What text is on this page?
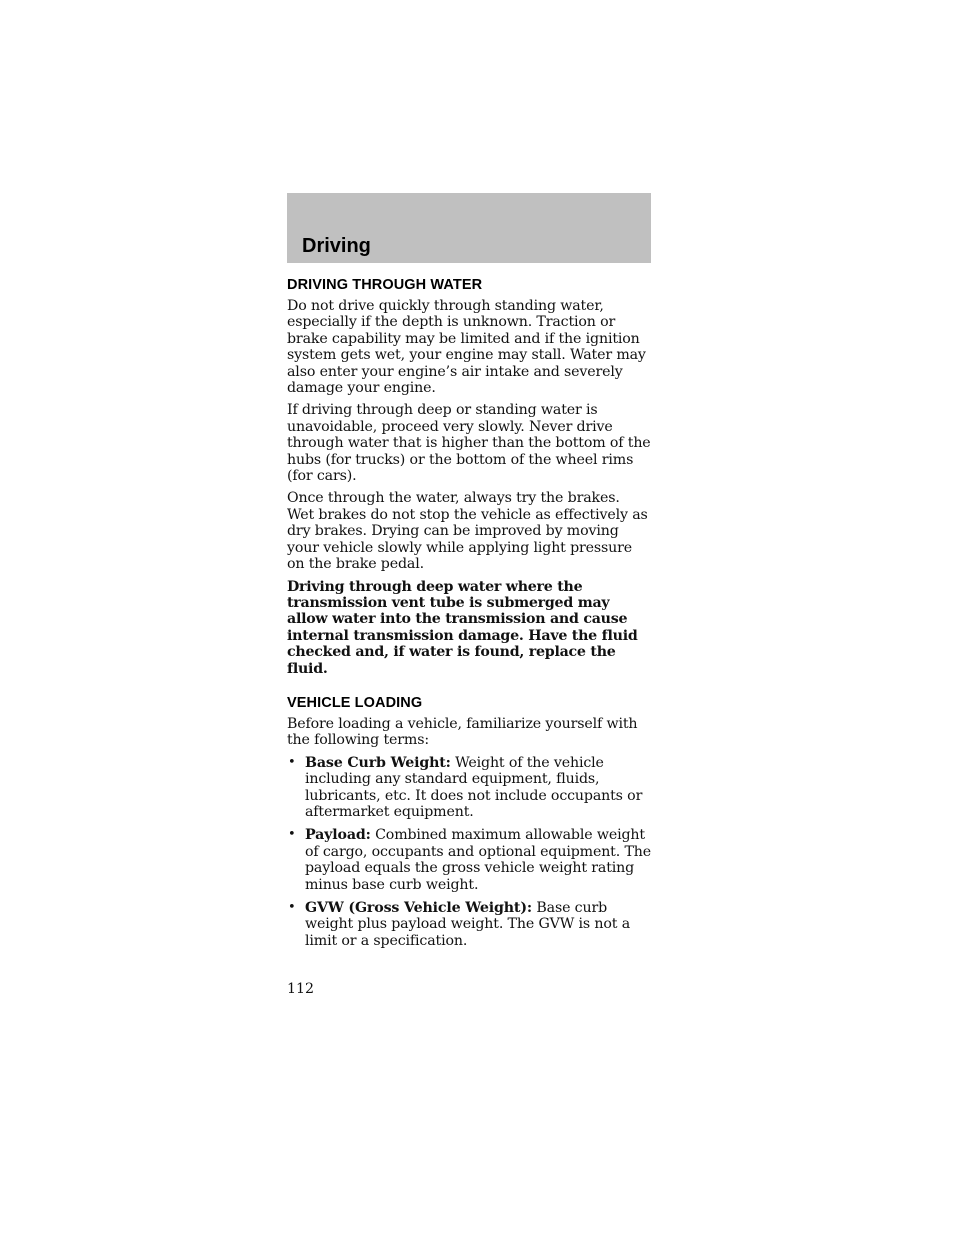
Driving
DRIVING THROUGH WATER

Do not drive quickly through standing water, especially if the depth is unknown. Traction or brake capability may be limited and if the ignition system gets wet, your engine may stall. Water may also enter your engine’s air intake and severely damage your engine.

If driving through deep or standing water is unavoidable, proceed very slowly. Never drive through water that is higher than the bottom of the hubs (for trucks) or the bottom of the wheel rims (for cars).

Once through the water, always try the brakes. Wet brakes do not stop the vehicle as effectively as dry brakes. Drying can be improved by moving your vehicle slowly while applying light pressure on the brake pedal.

Driving through deep water where the transmission vent tube is submerged may allow water into the transmission and cause internal transmission damage. Have the fluid checked and, if water is found, replace the fluid.

VEHICLE LOADING

Before loading a vehicle, familiarize yourself with the following terms:

• Base Curb Weight: Weight of the vehicle including any standard equipment, fluids, lubricants, etc. It does not include occupants or aftermarket equipment.
• Payload: Combined maximum allowable weight of cargo, occupants and optional equipment. The payload equals the gross vehicle weight rating minus base curb weight.
• GVW (Gross Vehicle Weight): Base curb weight plus payload weight. The GVW is not a limit or a specification.
112
